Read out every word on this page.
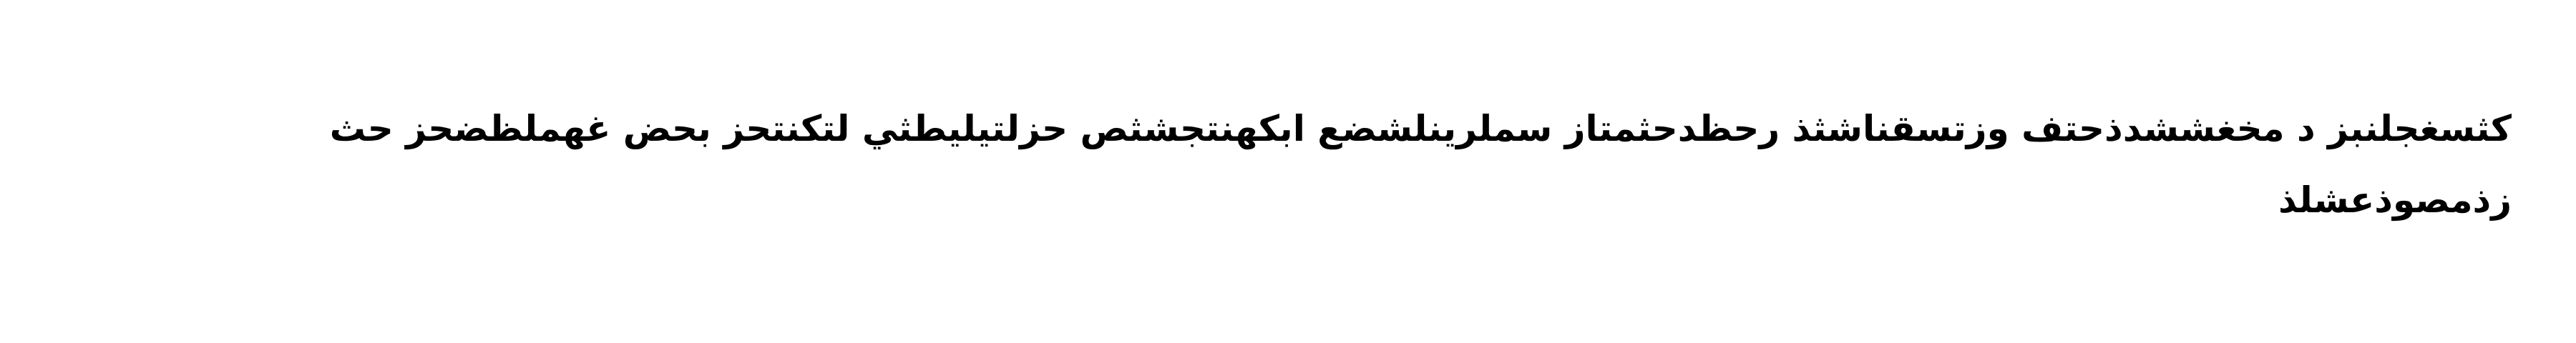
كثسغجلنبز د مخغششدذحتف وزتسقناشثذ رحظدحثمتاز سملرينلشضع ابكهنتجشثص حزلتيليطثي لتكنتحز بحض غهملظضحز حث زذمصوذعشلذ
